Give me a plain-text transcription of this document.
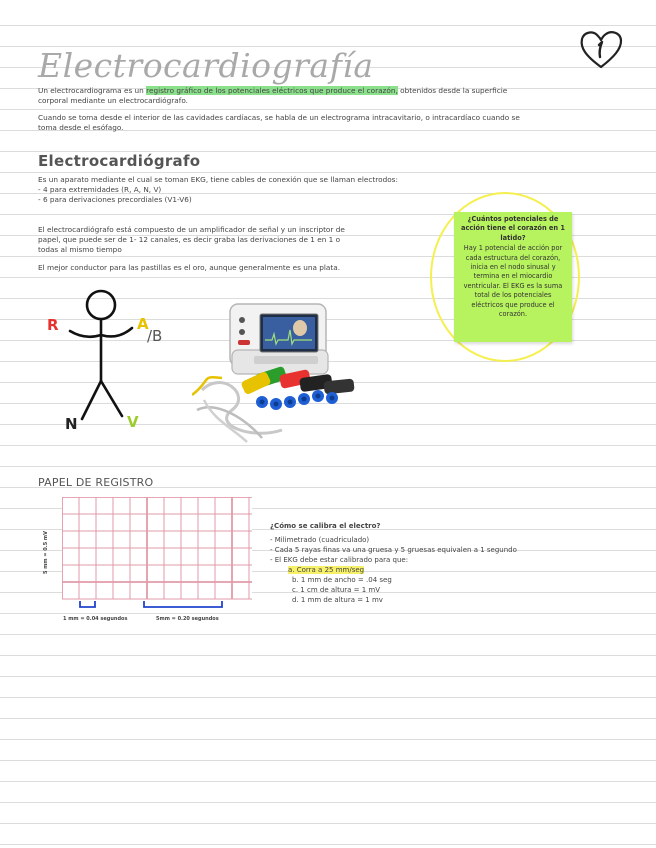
Electrocardiografía
Un electrocardiograma es un registro gráfico de los potenciales eléctricos que produce el corazón, obtenidos desde la superficie
corporal mediante un electrocardiógrafo.
Cuando se toma desde el interior de las cavidades cardíacas, se habla de un electrograma intracavitario, o intracardíaco cuando se
toma desde el esófago.
Electrocardiógrafo
Es un aparato mediante el cual se toman EKG, tiene cables de conexión que se llaman electrodos:
- 4 para extremidades (R, A, N, V)
- 6 para derivaciones precordiales (V1-V6)
El electrocardiógrafo está compuesto de un amplificador de señal y un inscriptor de
papel, que puede ser de 1- 12 canales, es decir graba las derivaciones de 1 en 1 o
todas al mismo tiempo
El mejor conductor para las pastillas es el oro, aunque generalmente es una plata.
¿Cuántos potenciales de acción tiene el corazón en 1 latido?
Hay 1 potencial de acción por cada estructura del corazón, inicia en el nodo sinusal y termina en el miocardio ventricular. El EKG es la suma total de los potenciales eléctricos que produce el corazón.
R	A
/B
N	V
PAPEL DE REGISTRO
5 mm = 0.5 mV
1 mm = 0.04 segundos	5mm = 0.20 segundos
¿Cómo se calibra el electro?
- Milimetrado (cuadriculado)
- Cada 5 rayas finas va una gruesa y 5 gruesas equivalen a 1 segundo
- El EKG debe estar calibrado para que:
a. Corra a 25 mm/seg
b. 1 mm de ancho = .04 seg
c. 1 cm de altura = 1 mV
d. 1 mm de altura = 1 mv
